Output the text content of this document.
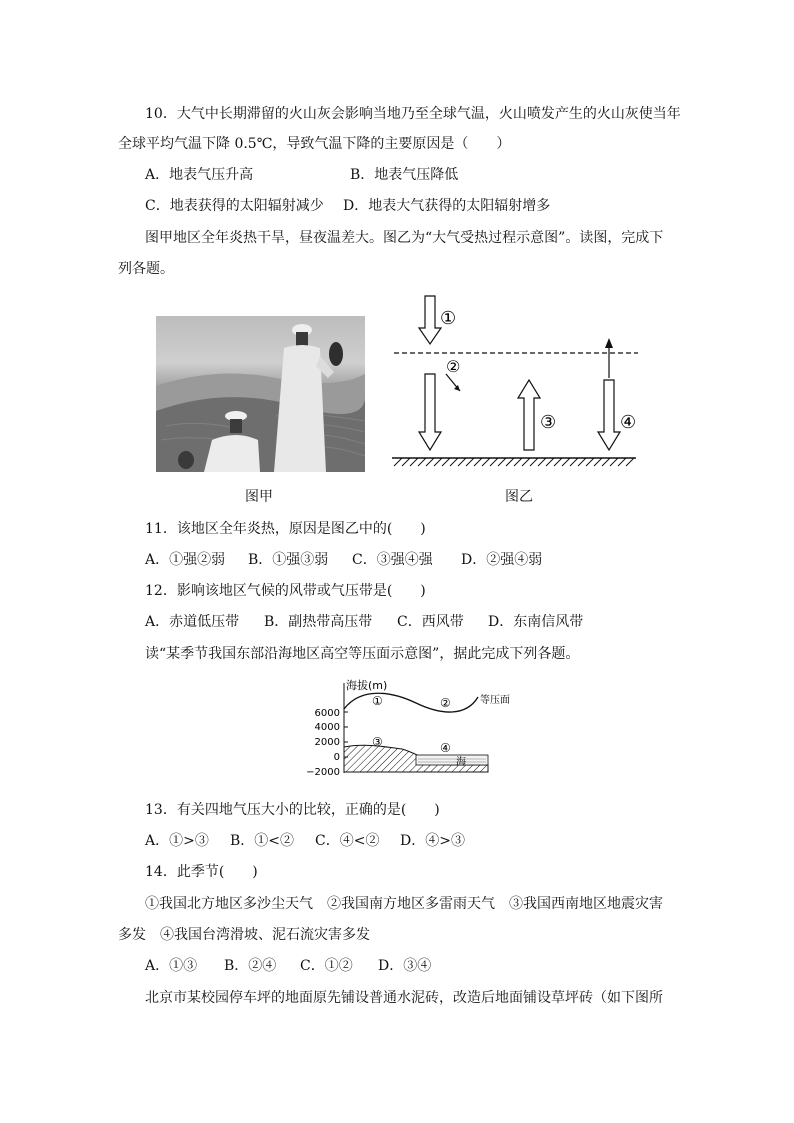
10．大气中长期滞留的火山灰会影响当地乃至全球气温，火山喷发产生的火山灰使当年
全球平均气温下降 0.5℃，导致气温下降的主要原因是（　　）
A．地表气压升高	B．地表气压降低
C．地表获得的太阳辐射减少 D．地表大气获得的太阳辐射增多
图甲地区全年炎热干旱，昼夜温差大。图乙为“大气受热过程示意图”。读图，完成下
列各题。
图甲
①
②
③	④
图乙
11．该地区全年炎热，原因是图乙中的(　　)
A．①强②弱 B．①强③弱 C．③强④强 D．②强④弱
12．影响该地区气候的风带或气压带是(　　)
A．赤道低压带 B．副热带高压带 C．西风带 D．东南信风带
读“某季节我国东部沿海地区高空等压面示意图”，据此完成下列各题。
海拔(m)
6000
4000
2000
0
−2000
等压面
①	②
海
③	④
13．有关四地气压大小的比较，正确的是(　　)
A．①>③ B．①<② C．④<② D．④>③
14．此季节(　　)
①我国北方地区多沙尘天气　②我国南方地区多雷雨天气　③我国西南地区地震灾害
多发　④我国台湾滑坡、泥石流灾害多发
A．①③ B．②④ C．①② D．③④
北京市某校园停车坪的地面原先铺设普通水泥砖，改造后地面铺设草坪砖（如下图所
